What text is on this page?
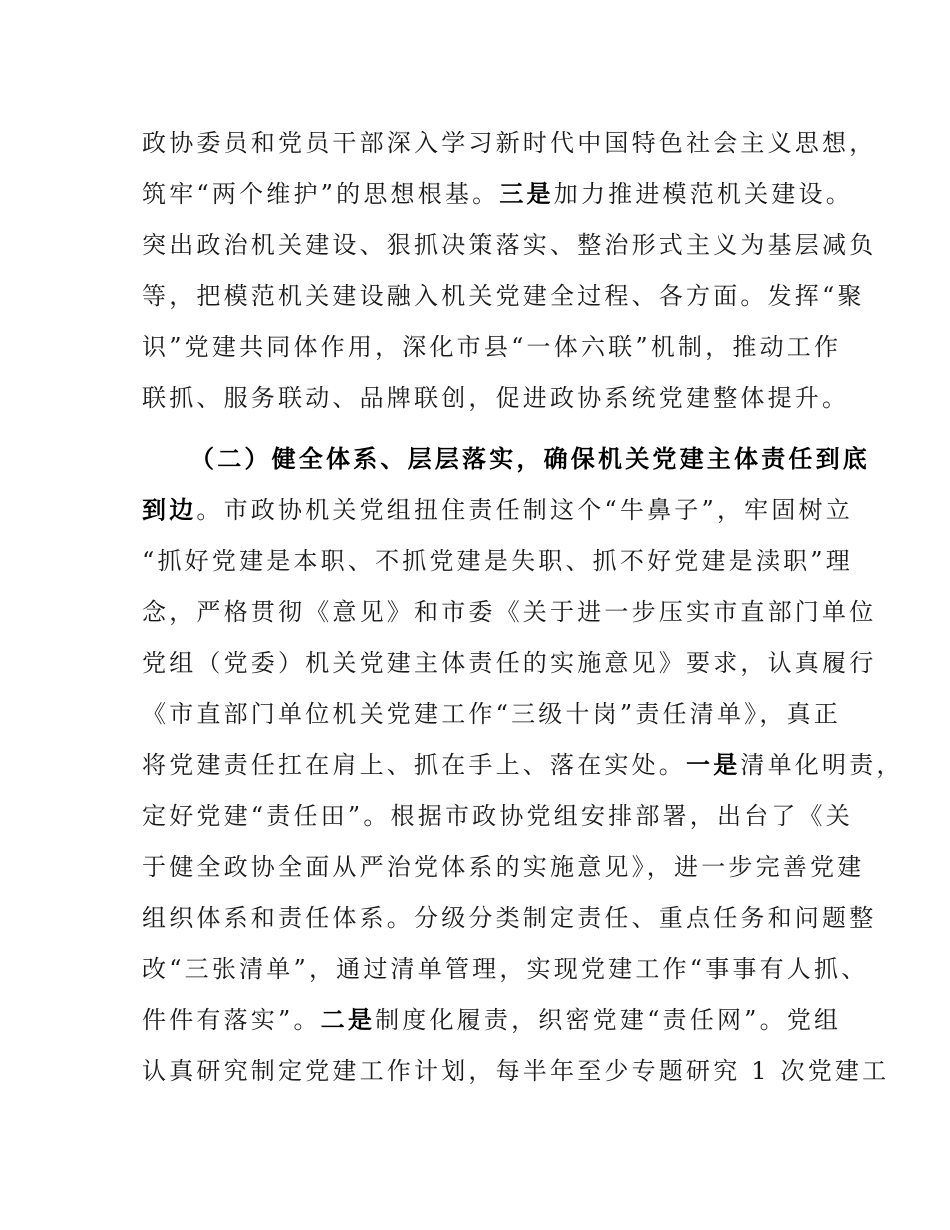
政协委员和党员干部深入学习新时代中国特色社会主义思想，
筑牢“两个维护”的思想根基。三是加力推进模范机关建设。
突出政治机关建设、狠抓决策落实、整治形式主义为基层减负
等，把模范机关建设融入机关党建全过程、各方面。发挥“聚
识”党建共同体作用，深化市县“一体六联”机制，推动工作
联抓、服务联动、品牌联创，促进政协系统党建整体提升。
（二）健全体系、层层落实，确保机关党建主体责任到底
到边。市政协机关党组扭住责任制这个“牛鼻子”，牢固树立
“抓好党建是本职、不抓党建是失职、抓不好党建是渎职”理
念，严格贯彻《意见》和市委《关于进一步压实市直部门单位
党组（党委）机关党建主体责任的实施意见》要求，认真履行
《市直部门单位机关党建工作“三级十岗”责任清单》，真正
将党建责任扛在肩上、抓在手上、落在实处。一是清单化明责，
定好党建“责任田”。根据市政协党组安排部署，出台了《关
于健全政协全面从严治党体系的实施意见》，进一步完善党建
组织体系和责任体系。分级分类制定责任、重点任务和问题整
改“三张清单”，通过清单管理，实现党建工作“事事有人抓、
件件有落实”。二是制度化履责，织密党建“责任网”。党组
认真研究制定党建工作计划，每半年至少专题研究 1 次党建工
